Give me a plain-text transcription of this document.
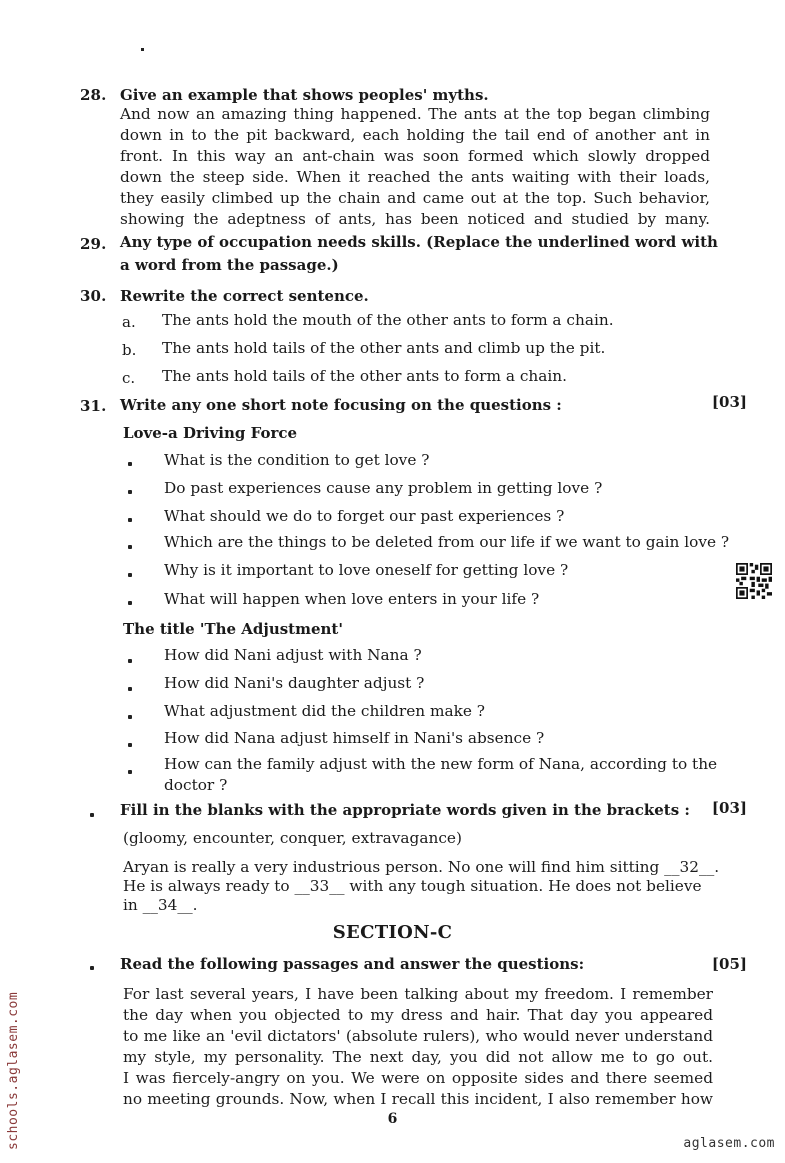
28. Give an example that shows peoples' myths.
And now an amazing thing happened. The ants at the top began climbing
down in to the pit backward, each holding the tail end of another ant in
front. In this way an ant-chain was soon formed which slowly dropped
down the steep side. When it reached the ants waiting with their loads,
they easily climbed up the chain and came out at the top. Such behavior,
showing the adeptness of ants, has been noticed and studied by many.
29. Any type of occupation needs skills. (Replace the underlined word with
a word from the passage.)
30. Rewrite the correct sentence.
a. The ants hold the mouth of the other ants to form a chain.
b. The ants hold tails of the other ants and climb up the pit.
c. The ants hold tails of the other ants to form a chain.
31. Write any one short note focusing on the questions :	[03]
Love-a Driving Force
What is the condition to get love ?
Do past experiences cause any problem in getting love ?
What should we do to forget our past experiences ?
Which are the things to be deleted from our life if we want to gain love ?
Why is it important to love oneself for getting love ?
What will happen when love enters in your life ?
The title 'The Adjustment'
How did Nani adjust with Nana ?
How did Nani's daughter adjust ?
What adjustment did the children make ?
How did Nana adjust himself in Nani's absence ?
How can the family adjust with the new form of Nana, according to the
doctor ?
Fill in the blanks with the appropriate words given in the brackets : [03]
(gloomy, encounter, conquer, extravagance)
Aryan is really a very industrious person. No one will find him sitting __32__.
He is always ready to __33__ with any tough situation. He does not believe
in __34__.
SECTION-C
Read the following passages and answer the questions:	[05]
For last several years, I have been talking about my freedom. I remember
the day when you objected to my dress and hair. That day you appeared
to me like an 'evil dictators' (absolute rulers), who would never understand
my style, my personality. The next day, you did not allow me to go out.
I was fiercely-angry on you. We were on opposite sides and there seemed
no meeting grounds. Now, when I recall this incident, I also remember how
6
schools.aglasem.com	aglasem.com
